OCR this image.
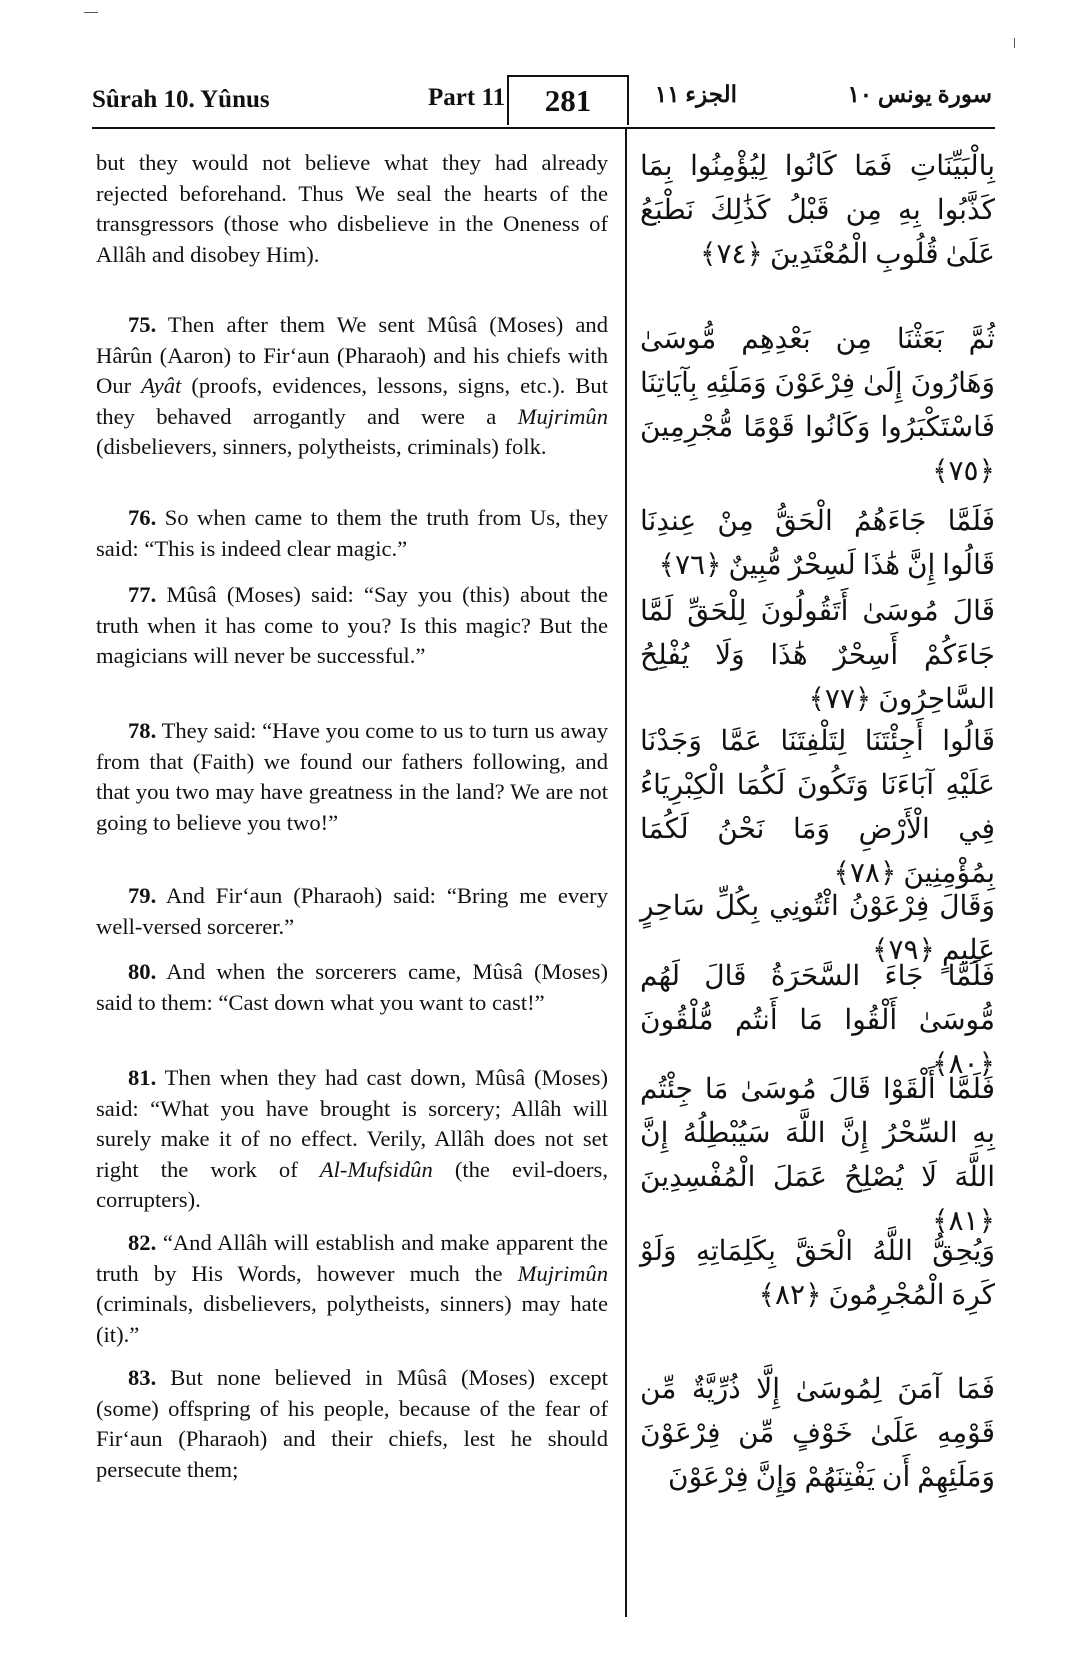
Sûrah 10. Yûnus	Part 11	281	الجزء ١١	سورة يونس ١٠
but they would not believe what they had already rejected beforehand. Thus We seal the hearts of the transgressors (those who disbelieve in the Oneness of Allâh and disobey Him).
75. Then after them We sent Mûsâ (Moses) and Hârûn (Aaron) to Fir‘aun (Pharaoh) and his chiefs with Our Ayât (proofs, evidences, lessons, signs, etc.). But they behaved arrogantly and were a Mujrimûn (disbelievers, sinners, polytheists, criminals) folk.
76. So when came to them the truth from Us, they said: “This is indeed clear magic.”
77. Mûsâ (Moses) said: “Say you (this) about the truth when it has come to you? Is this magic? But the magicians will never be successful.”
78. They said: “Have you come to us to turn us away from that (Faith) we found our fathers following, and that you two may have greatness in the land? We are not going to believe you two!”
79. And Fir‘aun (Pharaoh) said: “Bring me every well-versed sorcerer.”
80. And when the sorcerers came, Mûsâ (Moses) said to them: “Cast down what you want to cast!”
81. Then when they had cast down, Mûsâ (Moses) said: “What you have brought is sorcery; Allâh will surely make it of no effect. Verily, Allâh does not set right the work of Al-Mufsidûn (the evil-doers, corrupters).
82. “And Allâh will establish and make apparent the truth by His Words, however much the Mujrimûn (criminals, disbelievers, polytheists, sinners) may hate (it).”
83. But none believed in Mûsâ (Moses) except (some) offspring of his people, because of the fear of Fir‘aun (Pharaoh) and their chiefs, lest he should persecute them;
بِالْبَيِّنَاتِ فَمَا كَانُوا لِيُؤْمِنُوا بِمَا كَذَّبُوا بِهِ مِن قَبْلُ كَذَٰلِكَ نَطْبَعُ عَلَىٰ قُلُوبِ الْمُعْتَدِينَ ﴿٧٤﴾
ثُمَّ بَعَثْنَا مِن بَعْدِهِم مُّوسَىٰ وَهَارُونَ إِلَىٰ فِرْعَوْنَ وَمَلَئِهِ بِآيَاتِنَا فَاسْتَكْبَرُوا وَكَانُوا قَوْمًا مُّجْرِمِينَ ﴿٧٥﴾
فَلَمَّا جَاءَهُمُ الْحَقُّ مِنْ عِندِنَا قَالُوا إِنَّ هَٰذَا لَسِحْرٌ مُّبِينٌ ﴿٧٦﴾
قَالَ مُوسَىٰ أَتَقُولُونَ لِلْحَقِّ لَمَّا جَاءَكُمْ أَسِحْرٌ هَٰذَا وَلَا يُفْلِحُ السَّاحِرُونَ ﴿٧٧﴾
قَالُوا أَجِئْتَنَا لِتَلْفِتَنَا عَمَّا وَجَدْنَا عَلَيْهِ آبَاءَنَا وَتَكُونَ لَكُمَا الْكِبْرِيَاءُ فِي الْأَرْضِ وَمَا نَحْنُ لَكُمَا بِمُؤْمِنِينَ ﴿٧٨﴾
وَقَالَ فِرْعَوْنُ ائْتُونِي بِكُلِّ سَاحِرٍ عَلِيمٍ ﴿٧٩﴾
فَلَمَّا جَاءَ السَّحَرَةُ قَالَ لَهُم مُّوسَىٰ أَلْقُوا مَا أَنتُم مُّلْقُونَ ﴿٨٠﴾
فَلَمَّا أَلْقَوْا قَالَ مُوسَىٰ مَا جِئْتُم بِهِ السِّحْرُ إِنَّ اللَّهَ سَيُبْطِلُهُ إِنَّ اللَّهَ لَا يُصْلِحُ عَمَلَ الْمُفْسِدِينَ ﴿٨١﴾
وَيُحِقُّ اللَّهُ الْحَقَّ بِكَلِمَاتِهِ وَلَوْ كَرِهَ الْمُجْرِمُونَ ﴿٨٢﴾
فَمَا آمَنَ لِمُوسَىٰ إِلَّا ذُرِّيَّةٌ مِّن قَوْمِهِ عَلَىٰ خَوْفٍ مِّن فِرْعَوْنَ وَمَلَئِهِمْ أَن يَفْتِنَهُمْ وَإِنَّ فِرْعَوْنَ
